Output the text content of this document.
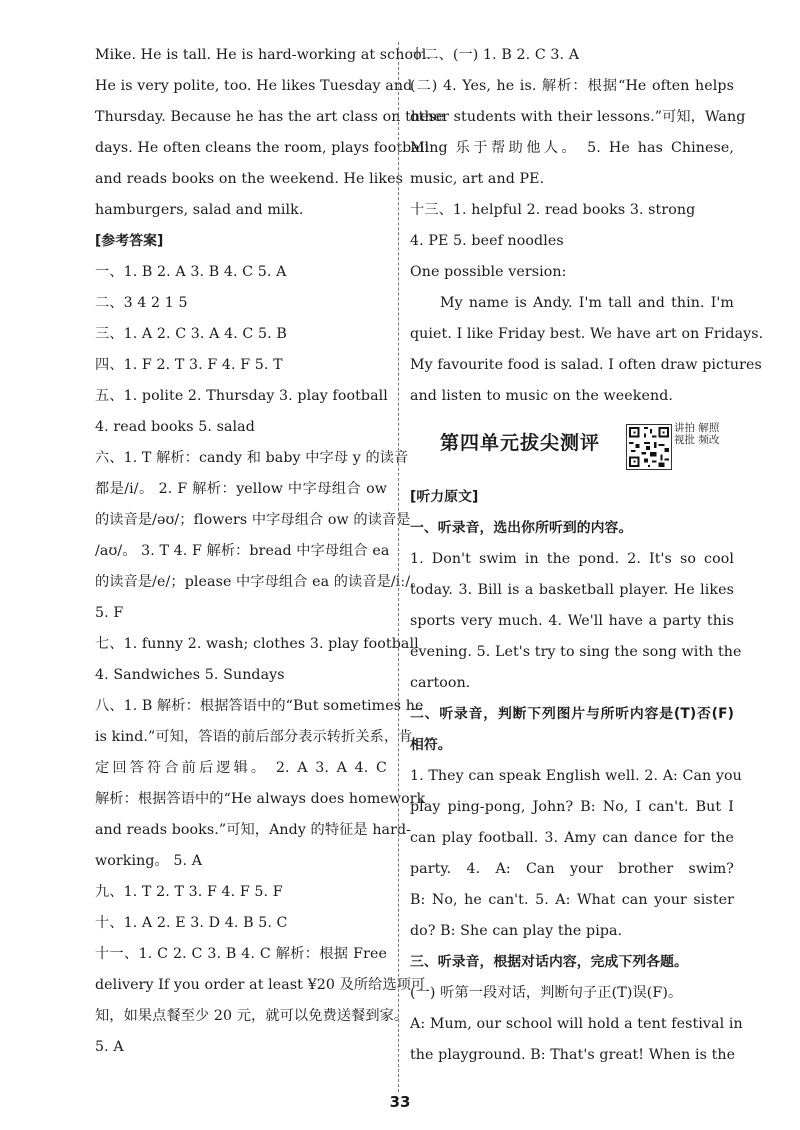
Mike. He is tall. He is hard-working at school.
He is very polite, too. He likes Tuesday and
Thursday. Because he has the art class on these
days. He often cleans the room, plays football
and reads books on the weekend. He likes
hamburgers, salad and milk.
[参考答案]
一、1. B 2. A 3. B 4. C 5. A
二、3 4 2 1 5
三、1. A 2. C 3. A 4. C 5. B
四、1. F 2. T 3. F 4. F 5. T
五、1. polite 2. Thursday 3. play football
4. read books 5. salad
六、1. T 解析：candy 和 baby 中字母 y 的读音
都是/i/。 2. F 解析：yellow 中字母组合 ow
的读音是/əʊ/；flowers 中字母组合 ow 的读音是
/aʊ/。 3. T 4. F 解析：bread 中字母组合 ea
的读音是/e/；please 中字母组合 ea 的读音是/iː/。
5. F
七、1. funny 2. wash; clothes 3. play football
4. Sandwiches 5. Sundays
八、1. B 解析：根据答语中的“But sometimes he
is kind.”可知，答语的前后部分表示转折关系，肯
定回答符合前后逻辑。 2. A 3. A 4. C
解析：根据答语中的“He always does homework
and reads books.”可知，Andy 的特征是 hard-
working。 5. A
九、1. T 2. T 3. F 4. F 5. F
十、1. A 2. E 3. D 4. B 5. C
十一、1. C 2. C 3. B 4. C 解析：根据 Free
delivery If you order at least ¥20 及所给选项可
知，如果点餐至少 20 元，就可以免费送餐到家。
5. A
十二、(一) 1. B 2. C 3. A
(二) 4. Yes, he is. 解析：根据“He often helps
other students with their lessons.”可知，Wang
Ming 乐于帮助他人。 5. He has Chinese,
music, art and PE.
十三、1. helpful 2. read books 3. strong
4. PE 5. beef noodles
One possible version:
My name is Andy. I'm tall and thin. I'm
quiet. I like Friday best. We have art on Fridays.
My favourite food is salad. I often draw pictures
and listen to music on the weekend.
第四单元拔尖测评
讲拍 解照 视批 频改
[听力原文]
一、听录音，选出你所听到的内容。
1. Don't swim in the pond. 2. It's so cool
today. 3. Bill is a basketball player. He likes
sports very much. 4. We'll have a party this
evening. 5. Let's try to sing the song with the
cartoon.
二、听录音，判断下列图片与所听内容是(T)否(F)
相符。
1. They can speak English well. 2. A: Can you
play ping-pong, John? B: No, I can't. But I
can play football. 3. Amy can dance for the
party. 4. A: Can your brother swim?
B: No, he can't. 5. A: What can your sister
do? B: She can play the pipa.
三、听录音，根据对话内容，完成下列各题。
(一) 听第一段对话，判断句子正(T)误(F)。
A: Mum, our school will hold a tent festival in
the playground. B: That's great! When is the
33
